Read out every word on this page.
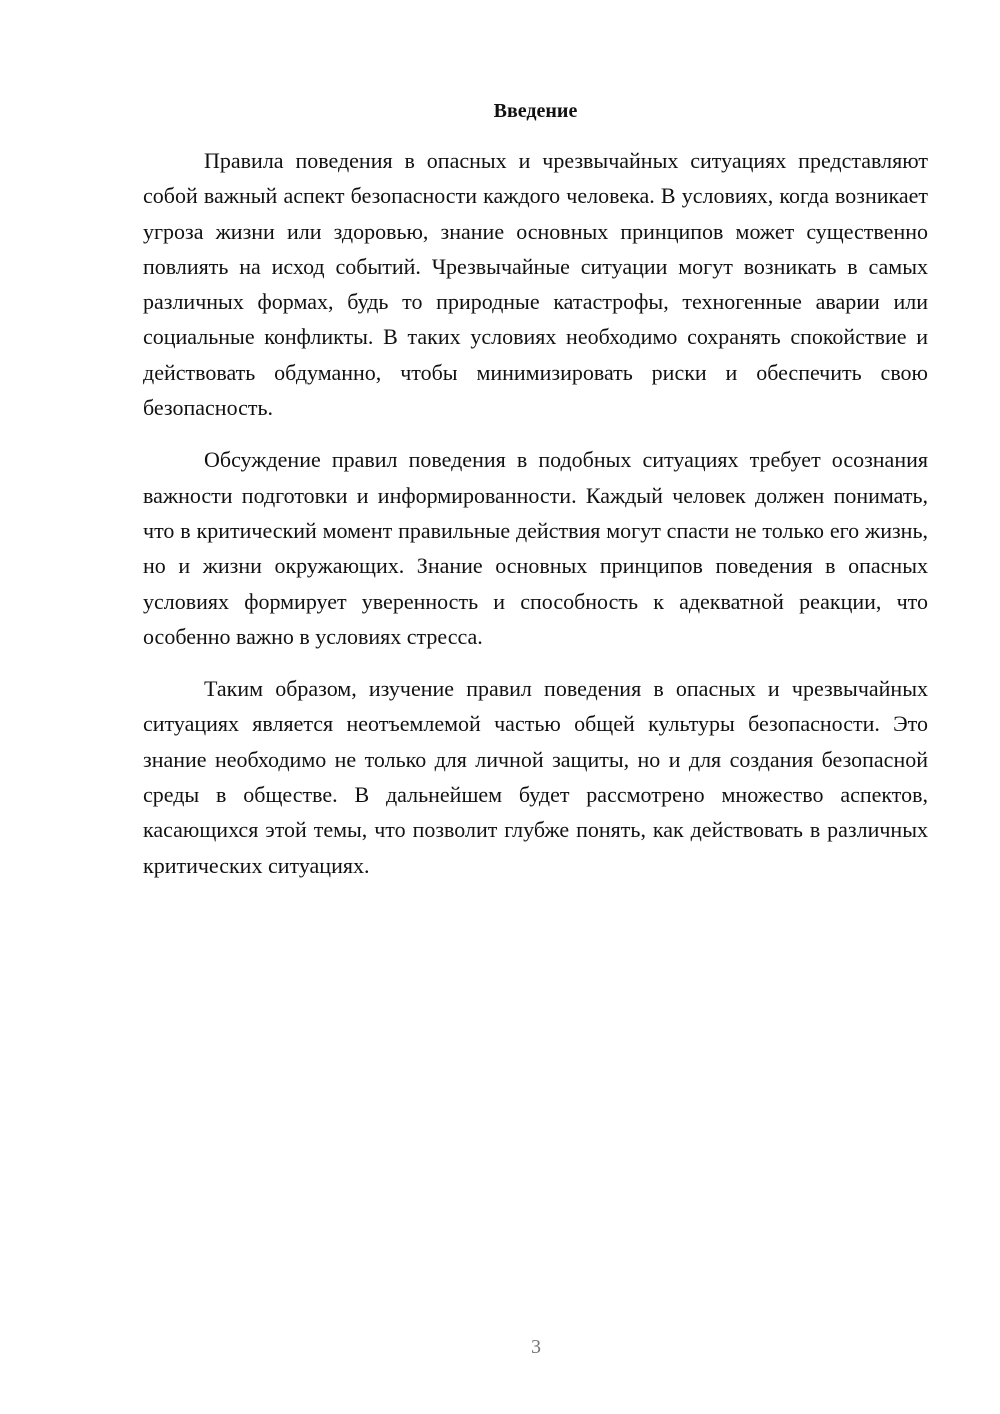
Введение

Правила поведения в опасных и чрезвычайных ситуациях представляют собой важный аспект безопасности каждого человека. В условиях, когда возникает угроза жизни или здоровью, знание основных принципов может существенно повлиять на исход событий. Чрезвычайные ситуации могут возникать в самых различных формах, будь то природные катастрофы, техногенные аварии или социальные конфликты. В таких условиях необходимо сохранять спокойствие и действовать обдуманно, чтобы минимизировать риски и обеспечить свою безопасность.

Обсуждение правил поведения в подобных ситуациях требует осознания важности подготовки и информированности. Каждый человек должен понимать, что в критический момент правильные действия могут спасти не только его жизнь, но и жизни окружающих. Знание основных принципов поведения в опасных условиях формирует уверенность и способность к адекватной реакции, что особенно важно в условиях стресса.

Таким образом, изучение правил поведения в опасных и чрезвычайных ситуациях является неотъемлемой частью общей культуры безопасности. Это знание необходимо не только для личной защиты, но и для создания безопасной среды в обществе. В дальнейшем будет рассмотрено множество аспектов, касающихся этой темы, что позволит глубже понять, как действовать в различных критических ситуациях.

3
